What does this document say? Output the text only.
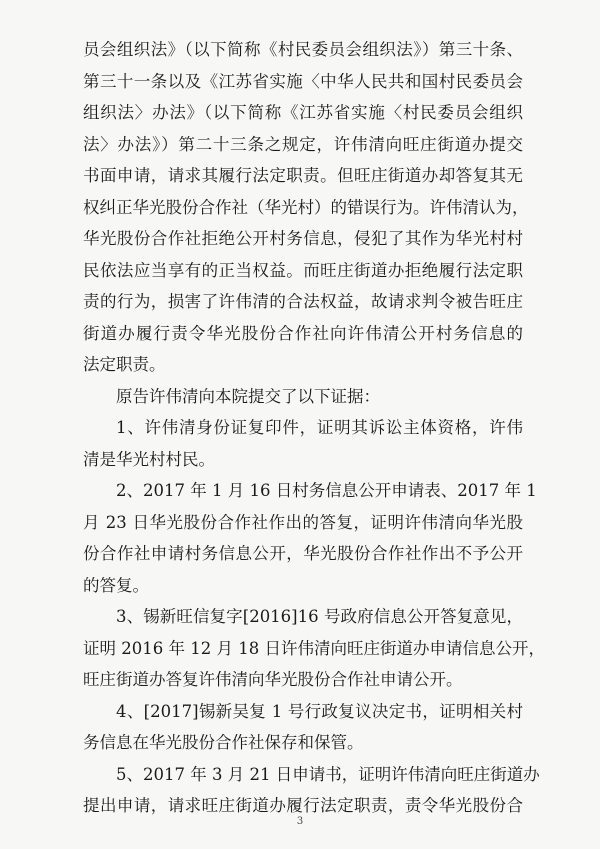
员会组织法》（以下简称《村民委员会组织法》）第三十条、
第三十一条以及《江苏省实施〈中华人民共和国村民委员会
组织法〉办法》（以下简称《江苏省实施〈村民委员会组织
法〉办法》）第二十三条之规定，许伟清向旺庄街道办提交
书面申请，请求其履行法定职责。但旺庄街道办却答复其无
权纠正华光股份合作社（华光村）的错误行为。许伟清认为，
华光股份合作社拒绝公开村务信息，侵犯了其作为华光村村
民依法应当享有的正当权益。而旺庄街道办拒绝履行法定职
责的行为，损害了许伟清的合法权益，故请求判令被告旺庄
街道办履行责令华光股份合作社向许伟清公开村务信息的
法定职责。
原告许伟清向本院提交了以下证据：
1、许伟清身份证复印件，证明其诉讼主体资格，许伟
清是华光村村民。
2、2017 年 1 月 16 日村务信息公开申请表、2017 年 1
月 23 日华光股份合作社作出的答复，证明许伟清向华光股
份合作社申请村务信息公开，华光股份合作社作出不予公开
的答复。
3、锡新旺信复字[2016]16 号政府信息公开答复意见，
证明 2016 年 12 月 18 日许伟清向旺庄街道办申请信息公开，
旺庄街道办答复许伟清向华光股份合作社申请公开。
4、[2017]锡新吴复 1 号行政复议决定书，证明相关村
务信息在华光股份合作社保存和保管。
5、2017 年 3 月 21 日申请书，证明许伟清向旺庄街道办
提出申请，请求旺庄街道办履行法定职责，责令华光股份合
3
